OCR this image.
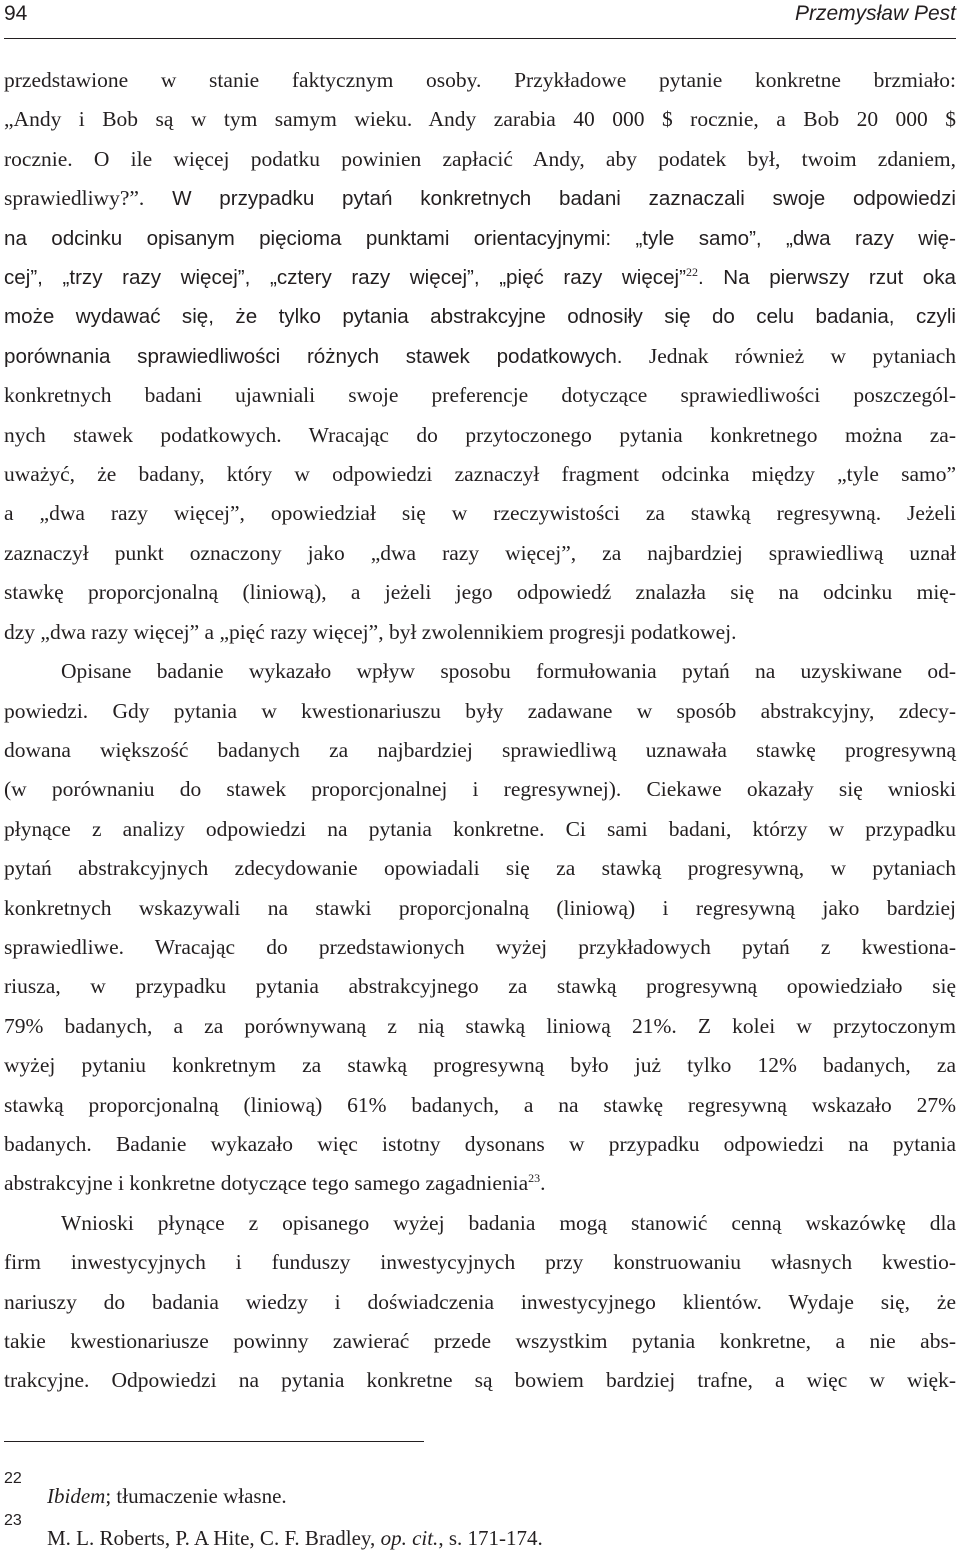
94	Przemysław Pest
przedstawione w stanie faktycznym osoby. Przykładowe pytanie konkretne brzmiało:
„Andy i Bob są w tym samym wieku. Andy zarabia 40 000 $ rocznie, a Bob 20 000 $
rocznie. O ile więcej podatku powinien zapłacić Andy, aby podatek był, twoim zdaniem,
sprawiedliwy?”. W przypadku pytań konkretnych badani zaznaczali swoje odpowiedzi
na odcinku opisanym pięcioma punktami orientacyjnymi: „tyle samo”, „dwa razy wię-
cej”, „trzy razy więcej”, „cztery razy więcej”, „pięć razy więcej”$^{22}$. Na pierwszy rzut oka
może wydawać się, że tylko pytania abstrakcyjne odnosiły się do celu badania, czyli
porównania sprawiedliwości różnych stawek podatkowych. Jednak również w pytaniach
konkretnych badani ujawniali swoje preferencje dotyczące sprawiedliwości poszczegól-
nych stawek podatkowych. Wracając do przytoczonego pytania konkretnego można za-
uważyć, że badany, który w odpowiedzi zaznaczył fragment odcinka między „tyle samo”
a „dwa razy więcej”, opowiedział się w rzeczywistości za stawką regresywną. Jeżeli
zaznaczył punkt oznaczony jako „dwa razy więcej”, za najbardziej sprawiedliwą uznał
stawkę proporcjonalną (liniową), a jeżeli jego odpowiedź znalazła się na odcinku mię-
dzy „dwa razy więcej” a „pięć razy więcej”, był zwolennikiem progresji podatkowej.
Opisane badanie wykazało wpływ sposobu formułowania pytań na uzyskiwane od-
powiedzi. Gdy pytania w kwestionariuszu były zadawane w sposób abstrakcyjny, zdecy-
dowana większość badanych za najbardziej sprawiedliwą uznawała stawkę progresywną
(w porównaniu do stawek proporcjonalnej i regresywnej). Ciekawe okazały się wnioski
płynące z analizy odpowiedzi na pytania konkretne. Ci sami badani, którzy w przypadku
pytań abstrakcyjnych zdecydowanie opowiadali się za stawką progresywną, w pytaniach
konkretnych wskazywali na stawki proporcjonalną (liniową) i regresywną jako bardziej
sprawiedliwe. Wracając do przedstawionych wyżej przykładowych pytań z kwestiona-
riusza, w przypadku pytania abstrakcyjnego za stawką progresywną opowiedziało się
79% badanych, a za porównywaną z nią stawką liniową 21%. Z kolei w przytoczonym
wyżej pytaniu konkretnym za stawką progresywną było już tylko 12% badanych, za
stawką proporcjonalną (liniową) 61% badanych, a na stawkę regresywną wskazało 27%
badanych. Badanie wykazało więc istotny dysonans w przypadku odpowiedzi na pytania
abstrakcyjne i konkretne dotyczące tego samego zagadnienia$^{23}$.
Wnioski płynące z opisanego wyżej badania mogą stanowić cenną wskazówkę dla
firm inwestycyjnych i funduszy inwestycyjnych przy konstruowaniu własnych kwestio-
nariuszy do badania wiedzy i doświadczenia inwestycyjnego klientów. Wydaje się, że
takie kwestionariusze powinny zawierać przede wszystkim pytania konkretne, a nie abs-
trakcyjne. Odpowiedzi na pytania konkretne są bowiem bardziej trafne, a więc w więk-
22
Ibidem; tłumaczenie własne.
23
M. L. Roberts, P. A Hite, C. F. Bradley, op. cit., s. 171-174.
